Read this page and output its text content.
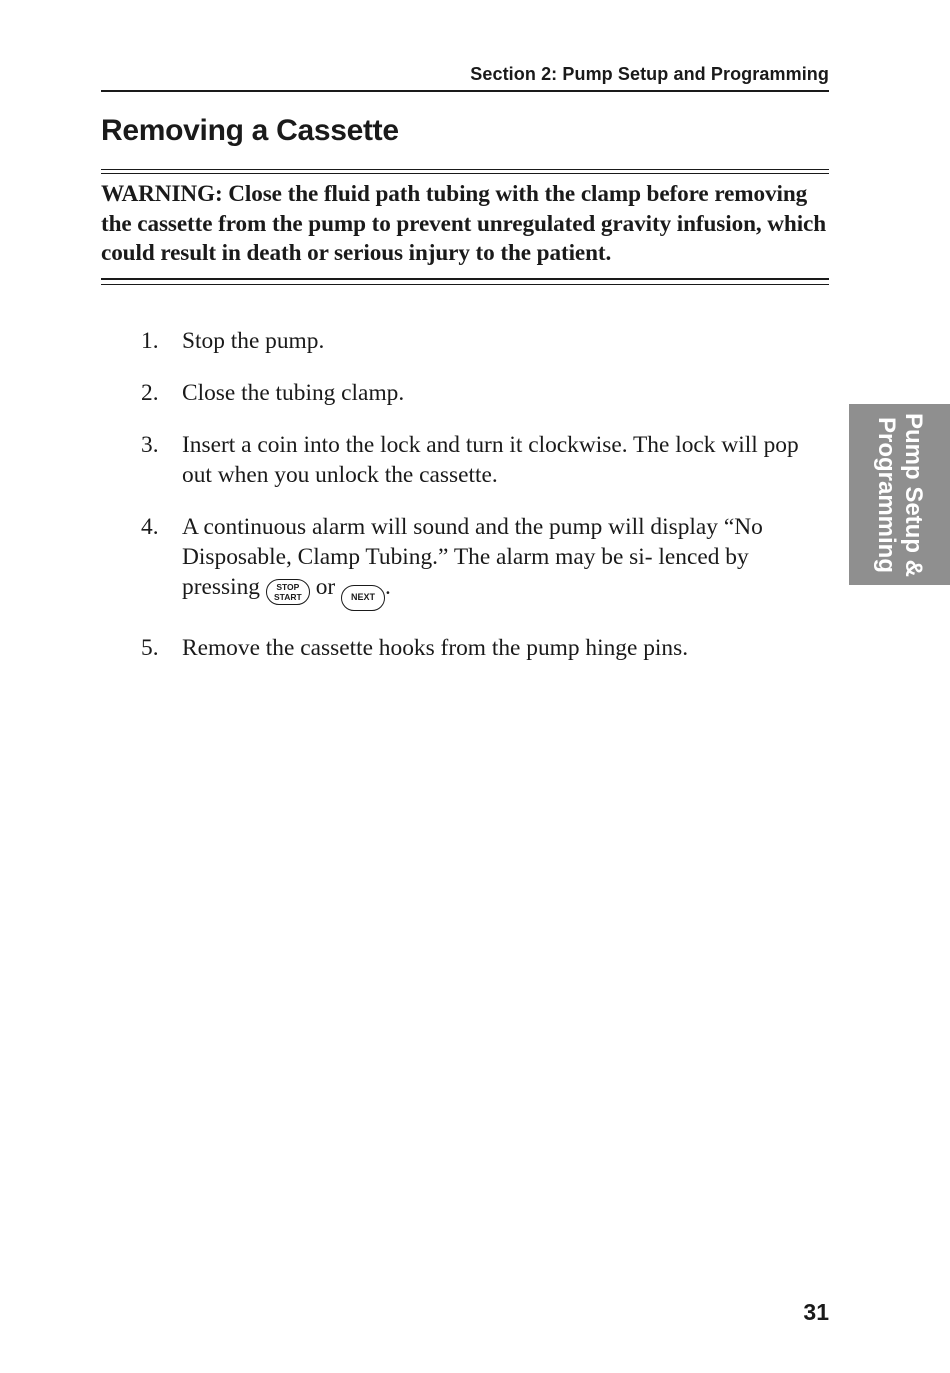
Section 2: Pump Setup and Programming
Removing a Cassette

WARNING: Close the fluid path tubing with the clamp before removing the cassette from the pump to prevent unregulated gravity infusion, which could result in death or serious injury to the patient.

1. Stop the pump.
2. Close the tubing clamp.
3. Insert a coin into the lock and turn it clockwise. The lock will pop out when you unlock the cassette.
4. A continuous alarm will sound and the pump will display “No Disposable, Clamp Tubing.” The alarm may be si- lenced by pressing	STOP
START or NEXT .
5. Remove the cassette hooks from the pump hinge pins.
Pump Setup &
Programming
31
